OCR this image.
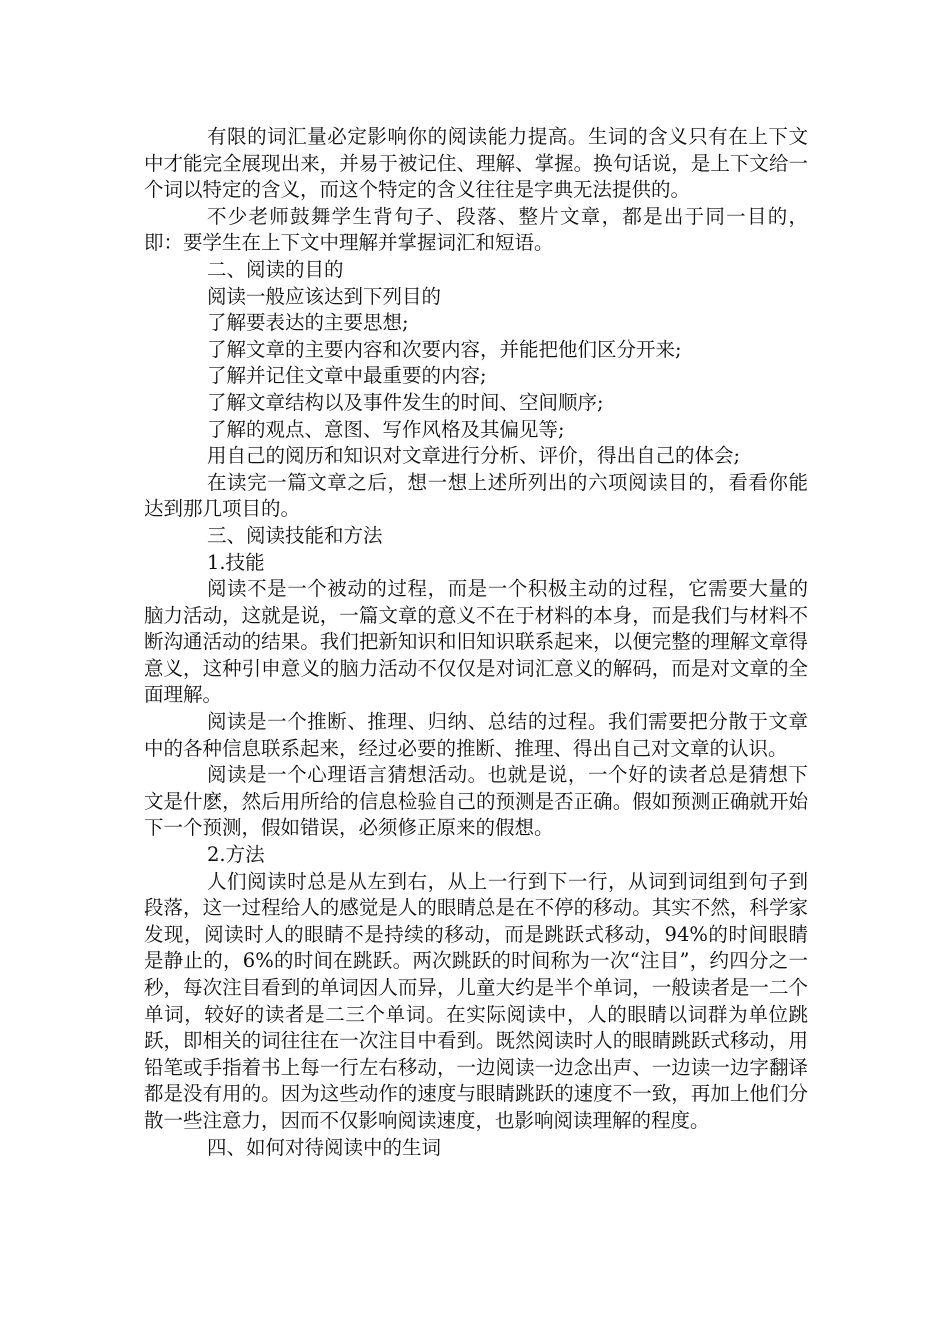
有限的词汇量必定影响你的阅读能力提高。生词的含义只有在上下文中才能完全展现出来，并易于被记住、理解、掌握。换句话说，是上下文给一个词以特定的含义，而这个特定的含义往往是字典无法提供的。

不少老师鼓舞学生背句子、段落、整片文章，都是出于同一目的，即：要学生在上下文中理解并掌握词汇和短语。

二、阅读的目的

阅读一般应该达到下列目的

了解要表达的主要思想;

了解文章的主要内容和次要内容，并能把他们区分开来;

了解并记住文章中最重要的内容;

了解文章结构以及事件发生的时间、空间顺序;

了解的观点、意图、写作风格及其偏见等;

用自己的阅历和知识对文章进行分析、评价，得出自己的体会;

在读完一篇文章之后，想一想上述所列出的六项阅读目的，看看你能达到那几项目的。

三、阅读技能和方法

1.技能

阅读不是一个被动的过程，而是一个积极主动的过程，它需要大量的脑力活动，这就是说，一篇文章的意义不在于材料的本身，而是我们与材料不断沟通活动的结果。我们把新知识和旧知识联系起来，以便完整的理解文章得意义，这种引申意义的脑力活动不仅仅是对词汇意义的解码，而是对文章的全面理解。

阅读是一个推断、推理、归纳、总结的过程。我们需要把分散于文章中的各种信息联系起来，经过必要的推断、推理、得出自己对文章的认识。

阅读是一个心理语言猜想活动。也就是说，一个好的读者总是猜想下文是什麽，然后用所给的信息检验自己的预测是否正确。假如预测正确就开始下一个预测，假如错误，必须修正原来的假想。

2.方法

人们阅读时总是从左到右，从上一行到下一行，从词到词组到句子到段落，这一过程给人的感觉是人的眼睛总是在不停的移动。其实不然，科学家发现，阅读时人的眼睛不是持续的移动，而是跳跃式移动，94%的时间眼睛是静止的，6%的时间在跳跃。两次跳跃的时间称为一次“注目”，约四分之一秒，每次注目看到的单词因人而异，儿童大约是半个单词，一般读者是一二个单词，较好的读者是二三个单词。在实际阅读中，人的眼睛以词群为单位跳跃，即相关的词往往在一次注目中看到。既然阅读时人的眼睛跳跃式移动，用铅笔或手指着书上每一行左右移动，一边阅读一边念出声、一边读一边字翻译都是没有用的。因为这些动作的速度与眼睛跳跃的速度不一致，再加上他们分散一些注意力，因而不仅影响阅读速度，也影响阅读理解的程度。

四、如何对待阅读中的生词
